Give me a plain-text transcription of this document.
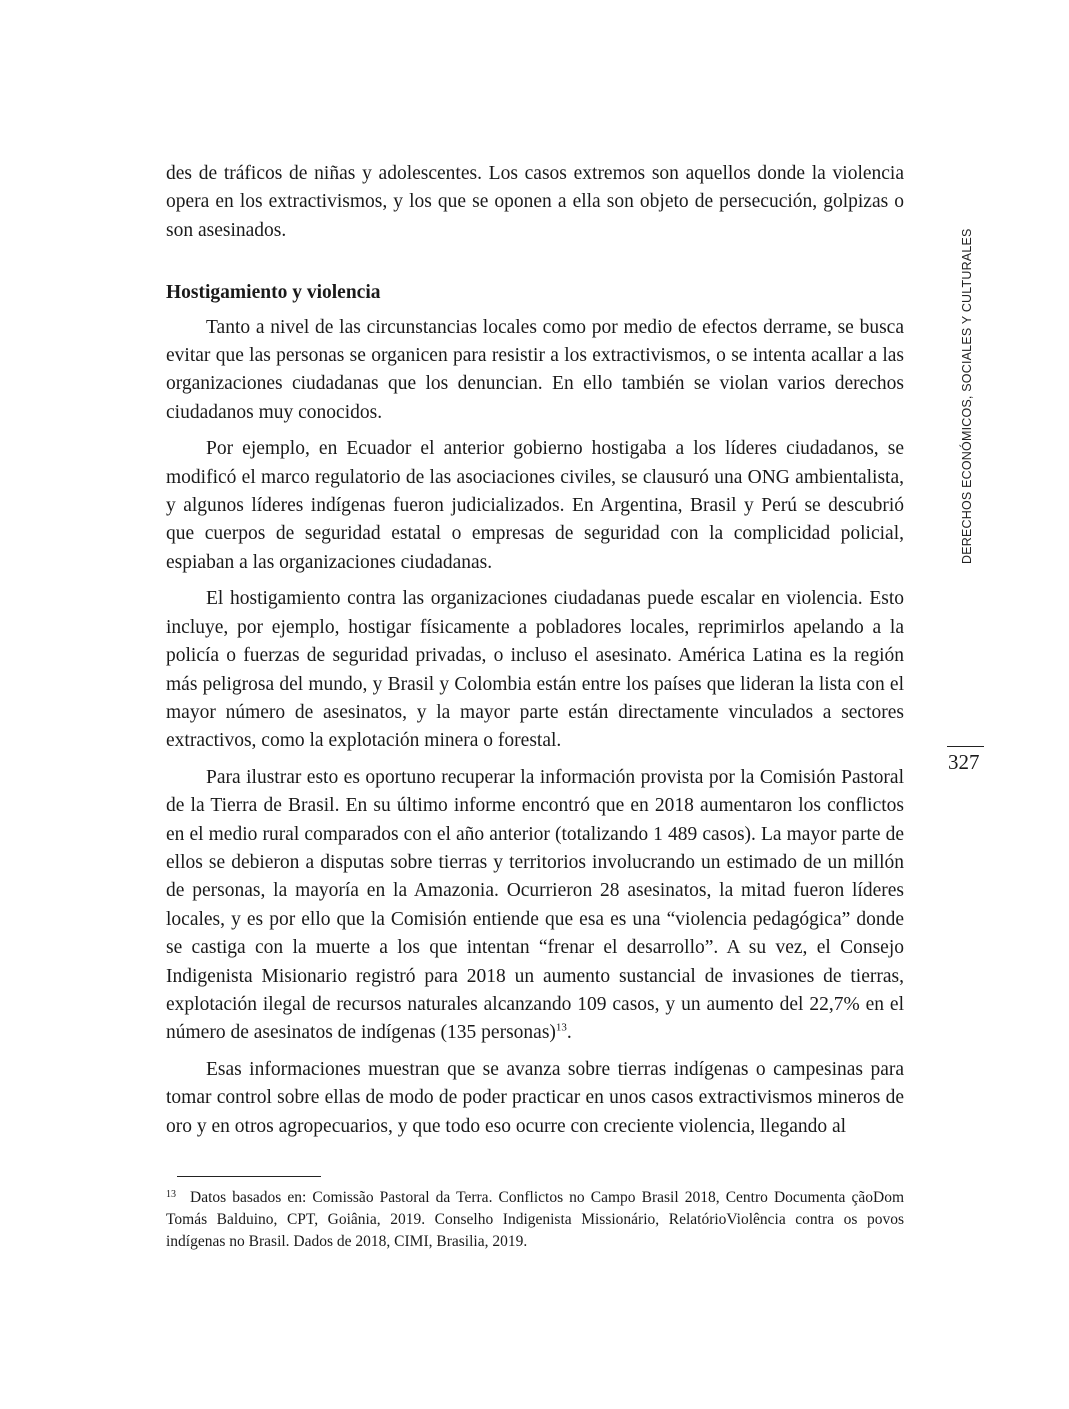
des de tráficos de niñas y adolescentes. Los casos extremos son aquellos donde la violencia opera en los extractivismos, y los que se oponen a ella son objeto de persecución, golpizas o son asesinados.

Hostigamiento y violencia

Tanto a nivel de las circunstancias locales como por medio de efectos derrame, se busca evitar que las personas se organicen para resistir a los extractivismos, o se intenta acallar a las organizaciones ciudadanas que los denuncian. En ello también se violan varios derechos ciudadanos muy conocidos.

Por ejemplo, en Ecuador el anterior gobierno hostigaba a los líderes ciudadanos, se modificó el marco regulatorio de las asociaciones civiles, se clausuró una ONG ambientalista, y algunos líderes indígenas fueron judicializados. En Argentina, Brasil y Perú se descubrió que cuerpos de seguridad estatal o empresas de seguridad con la complicidad policial, espiaban a las organizaciones ciudadanas.

El hostigamiento contra las organizaciones ciudadanas puede escalar en violencia. Esto incluye, por ejemplo, hostigar físicamente a pobladores locales, reprimirlos apelando a la policía o fuerzas de seguridad privadas, o incluso el asesinato. América Latina es la región más peligrosa del mundo, y Brasil y Colombia están entre los países que lideran la lista con el mayor número de asesinatos, y la mayor parte están directamente vinculados a sectores extractivos, como la explotación minera o forestal.

Para ilustrar esto es oportuno recuperar la información provista por la Comisión Pastoral de la Tierra de Brasil. En su último informe encontró que en 2018 aumentaron los conflictos en el medio rural comparados con el año anterior (totalizando 1 489 casos). La mayor parte de ellos se debieron a disputas sobre tierras y territorios involucrando un estimado de un millón de personas, la mayoría en la Amazonia. Ocurrieron 28 asesinatos, la mitad fueron líderes locales, y es por ello que la Comisión entiende que esa es una “violencia pedagógica” donde se castiga con la muerte a los que intentan “frenar el desarrollo”. A su vez, el Consejo Indigenista Misionario registró para 2018 un aumento sustancial de invasiones de tierras, explotación ilegal de recursos naturales alcanzando 109 casos, y un aumento del 22,7% en el número de asesinatos de indígenas (135 personas)$^{13}$.

Esas informaciones muestran que se avanza sobre tierras indígenas o campesinas para tomar control sobre ellas de modo de poder practicar en unos casos extractivismos mineros de oro y en otros agropecuarios, y que todo eso ocurre con creciente violencia, llegando al

$^{13}$ Datos basados en: Comissão Pastoral da Terra. Conflictos no Campo Brasil 2018, Centro Documenta çãoDom Tomás Balduino, CPT, Goiânia, 2019. Conselho Indigenista Missionário, RelatórioViolência contra os povos indígenas no Brasil. Dados de 2018, CIMI, Brasilia, 2019.
DERECHOS ECONÓMICOS, SOCIALES Y CULTURALES
327
